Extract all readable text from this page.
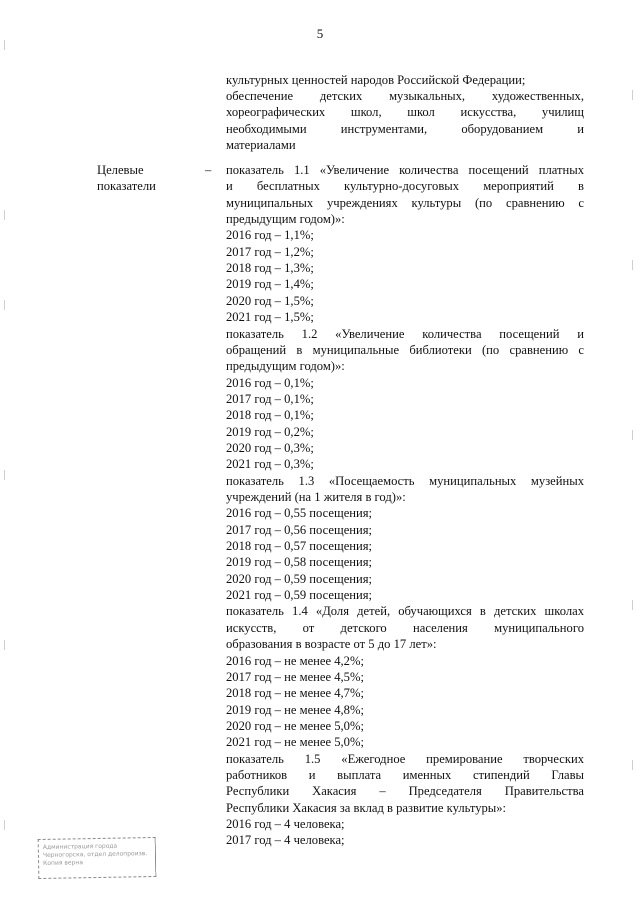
5
культурных ценностей народов Российской Федерации;
обеспечение детских музыкальных, художественных,
хореографических школ, школ искусства, училищ
необходимыми инструментами, оборудованием и
материалами
Целевые
показатели
– показатель 1.1 «Увеличение количества посещений платных
и бесплатных культурно-досуговых мероприятий в
муниципальных учреждениях культуры (по сравнению с
предыдущим годом)»:
2016 год – 1,1%;
2017 год – 1,2%;
2018 год – 1,3%;
2019 год – 1,4%;
2020 год – 1,5%;
2021 год – 1,5%;
показатель 1.2 «Увеличение количества посещений и
обращений в муниципальные библиотеки (по сравнению с
предыдущим годом)»:
2016 год – 0,1%;
2017 год – 0,1%;
2018 год – 0,1%;
2019 год – 0,2%;
2020 год – 0,3%;
2021 год – 0,3%;
показатель 1.3 «Посещаемость муниципальных музейных
учреждений (на 1 жителя в год)»:
2016 год – 0,55 посещения;
2017 год – 0,56 посещения;
2018 год – 0,57 посещения;
2019 год – 0,58 посещения;
2020 год – 0,59 посещения;
2021 год – 0,59 посещения;
показатель 1.4 «Доля детей, обучающихся в детских школах
искусств, от детского населения муниципального
образования в возрасте от 5 до 17 лет»:
2016 год – не менее 4,2%;
2017 год – не менее 4,5%;
2018 год – не менее 4,7%;
2019 год – не менее 4,8%;
2020 год – не менее 5,0%;
2021 год – не менее 5,0%;
показатель 1.5 «Ежегодное премирование творческих
работников и выплата именных стипендий Главы
Республики Хакасия – Председателя Правительства
Республики Хакасия за вклад в развитие культуры»:
2016 год – 4 человека;
2017 год – 4 человека;
Администрация города
Черногорска, отдел делопроизв.
Копия верна
